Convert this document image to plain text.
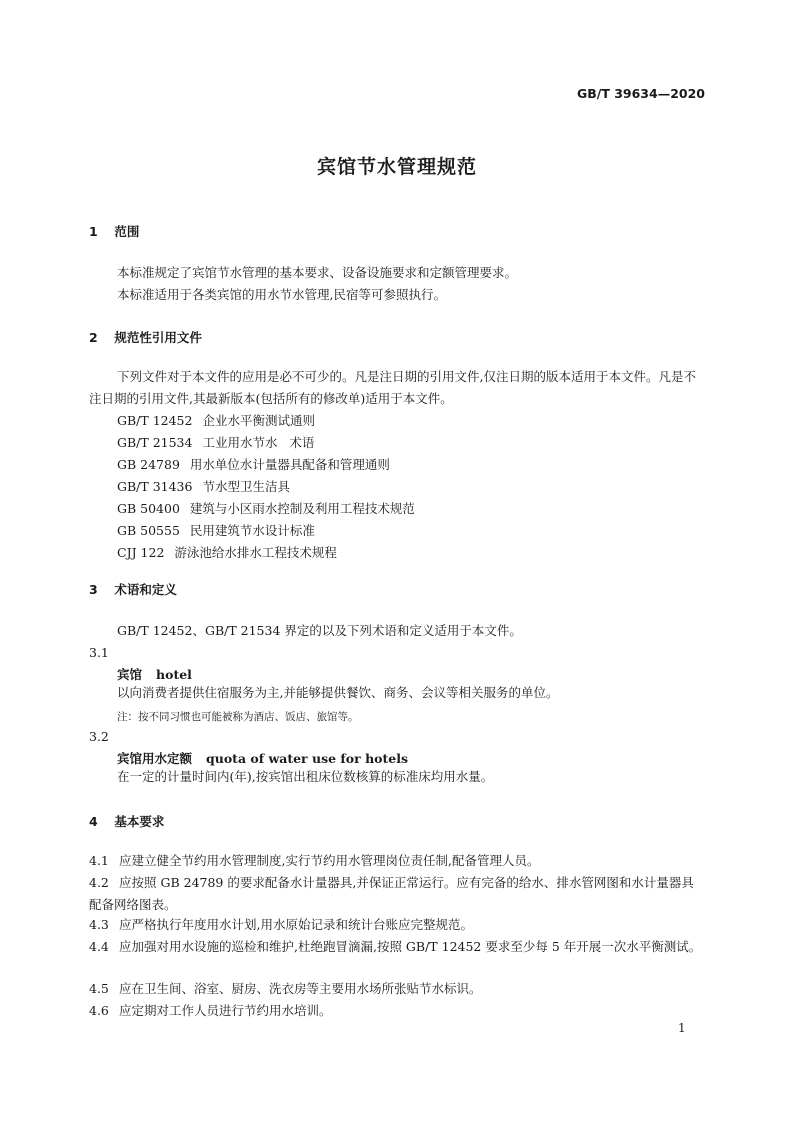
GB/T 39634—2020
宾馆节水管理规范
1 范围
本标准规定了宾馆节水管理的基本要求、设备设施要求和定额管理要求。
本标准适用于各类宾馆的用水节水管理,民宿等可参照执行。
2 规范性引用文件
下列文件对于本文件的应用是必不可少的。凡是注日期的引用文件,仅注日期的版本适用于本文件。凡是不注日期的引用文件,其最新版本(包括所有的修改单)适用于本文件。
GB/T 12452 企业水平衡测试通则
GB/T 21534 工业用水节水   术语
GB 24789 用水单位水计量器具配备和管理通则
GB/T 31436 节水型卫生洁具
GB 50400 建筑与小区雨水控制及利用工程技术规范
GB 50555 民用建筑节水设计标准
CJJ 122 游泳池给水排水工程技术规程
3 术语和定义
GB/T 12452、GB/T 21534 界定的以及下列术语和定义适用于本文件。
3.1
宾馆 hotel
以向消费者提供住宿服务为主,并能够提供餐饮、商务、会议等相关服务的单位。
注：按不同习惯也可能被称为酒店、饭店、旅馆等。
3.2
宾馆用水定额 quota of water use for hotels
在一定的计量时间内(年),按宾馆出租床位数核算的标准床均用水量。
4 基本要求
4.1 应建立健全节约用水管理制度,实行节约用水管理岗位责任制,配备管理人员。
4.2 应按照 GB 24789 的要求配备水计量器具,并保证正常运行。应有完备的给水、排水管网图和水计量器具配备网络图表。
4.3 应严格执行年度用水计划,用水原始记录和统计台账应完整规范。
4.4 应加强对用水设施的巡检和维护,杜绝跑冒滴漏,按照 GB/T 12452 要求至少每 5 年开展一次水平衡测试。
4.5 应在卫生间、浴室、厨房、洗衣房等主要用水场所张贴节水标识。
4.6 应定期对工作人员进行节约用水培训。
1
